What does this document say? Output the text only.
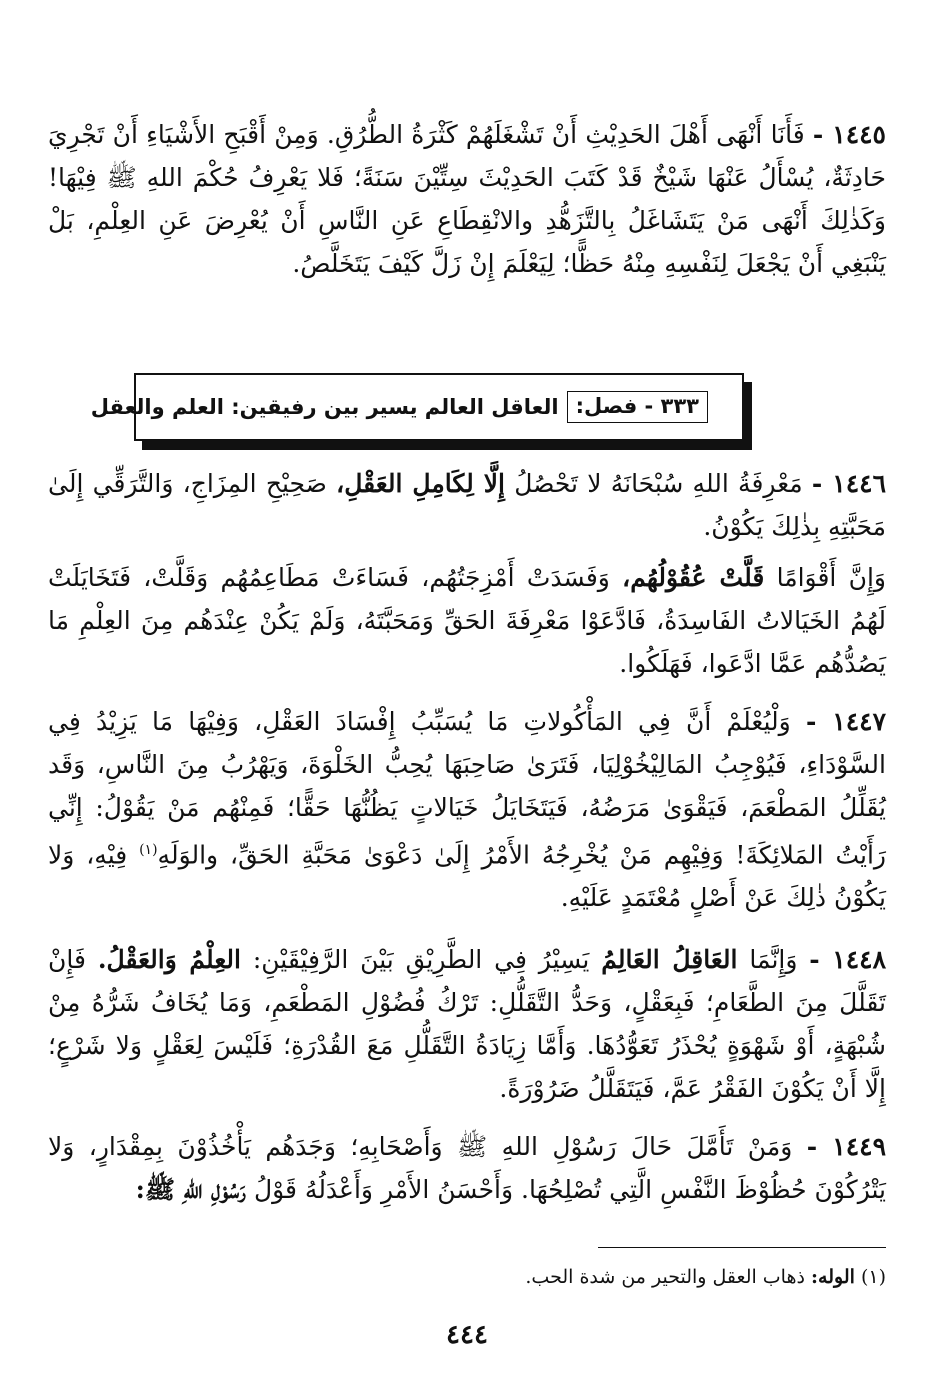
١٤٤٥ - فَأَنَا أَنْهَى أَهْلَ الحَدِيْثِ أَنْ تَشْغَلَهُمْ كَثْرَةُ الطُّرُقِ. وَمِنْ أَقْبَحِ الأَشْيَاءِ أَنْ تَجْرِيَ حَادِثَةٌ، يُسْأَلُ عَنْهَا شَيْخٌ قَدْ كَتَبَ الحَدِيْثَ سِتِّيْنَ سَنَةً؛ فَلا يَعْرِفُ حُكْمَ اللهِ ﷺ فِيْهَا! وَكَذٰلِكَ أَنْهَى مَنْ يَتَشَاغَلُ بِالتَّزَهُّدِ والانْقِطَاعِ عَنِ النَّاسِ أَنْ يُعْرِضَ عَنِ العِلْمِ، بَلْ يَنْبَغِي أَنْ يَجْعَلَ لِنَفْسِهِ مِنْهُ حَظًّا؛ لِيَعْلَمَ إِنْ زَلَّ كَيْفَ يَتَخَلَّصُ.
٣٣٣ - فصل:
العاقل العالم يسير بين رفيقين: العلم والعقل
١٤٤٦ - مَعْرِفَةُ اللهِ سُبْحَانَهُ لا تَحْصُلُ إِلَّا لِكَامِلِ العَقْلِ، صَحِيْحِ المِزَاجِ، وَالتَّرَقِّي إِلَىٰ مَحَبَّتِهِ بِذٰلِكَ يَكُوْنُ.
وَإِنَّ أَقْوَامًا قَلَّتْ عُقُوْلُهُم، وَفَسَدَتْ أَمْزِجَتُهُم، فَسَاءَتْ مَطَاعِمُهُم وَقَلَّتْ، فَتَخَايَلَتْ لَهُمُ الخَيَالاتُ الفَاسِدَةُ، فَادَّعَوْا مَعْرِفَةَ الحَقِّ وَمَحَبَّتَهُ، وَلَمْ يَكُنْ عِنْدَهُم مِنَ العِلْمِ مَا يَصُدُّهُم عَمَّا ادَّعَوا، فَهَلَكُوا.
١٤٤٧ - وَلْيُعْلَمْ أَنَّ فِي المَأْكُولاتِ مَا يُسَبِّبُ إِفْسَادَ العَقْلِ، وَفِيْهَا مَا يَزِيْدُ فِي السَّوْدَاءِ، فَيُوْجِبُ المَالِيْخُوْلِيَا، فَتَرَىٰ صَاحِبَهَا يُحِبُّ الخَلْوَةَ، وَيَهْرُبُ مِنَ النَّاسِ، وَقَد يُقَلِّلُ المَطْعَمَ، فَيَقْوَىٰ مَرَضُهُ، فَيَتَخَايَلُ خَيَالاتٍ يَظُنُّهَا حَقًّا؛ فَمِنْهُم مَنْ يَقُوْلُ: إِنِّي رَأَيْتُ المَلائِكَةَ! وَفِيْهِم مَنْ يُخْرِجُهُ الأَمْرُ إِلَىٰ دَعْوَىٰ مَحَبَّةِ الحَقِّ، والوَلَهِ$^{(١)}$ فِيْهِ، وَلا يَكُوْنُ ذٰلِكَ عَنْ أَصْلٍ مُعْتَمَدٍ عَلَيْهِ.
١٤٤٨ - وَإِنَّمَا العَاقِلُ العَالِمُ يَسِيْرُ فِي الطَّرِيْقِ بَيْنَ الرَّفِيْقَيْنِ: العِلْمُ وَالعَقْلُ. فَإِنْ تَقَلَّلَ مِنَ الطَّعَامِ؛ فَبِعَقْلٍ، وَحَدُّ التَّقَلُّلِ: تَرْكُ فُضُوْلِ المَطْعَمِ، وَمَا يُخَافُ شَرُّهُ مِنْ شُبْهَةٍ، أَوْ شَهْوَةٍ يُحْذَرُ تَعَوُّدُهَا. وَأَمَّا زِيَادَةُ التَّقَلُّلِ مَعَ القُدْرَةِ؛ فَلَيْسَ لِعَقْلٍ وَلا شَرْعٍ؛ إِلَّا أَنْ يَكُوْنَ الفَقْرُ عَمَّ، فَيَتَقَلَّلُ ضَرُوْرَةً.
١٤٤٩ - وَمَنْ تَأَمَّلَ حَالَ رَسُوْلِ اللهِ ﷺ وَأَصْحَابِهِ؛ وَجَدَهُم يَأْخُذُوْنَ بِمِقْدَارٍ، وَلا يَتْرُكُوْنَ حُظُوْظَ النَّفْسِ الَّتِي تُصْلِحُهَا. وَأَحْسَنُ الأَمْرِ وَأَعْدَلُهُ قَوْلُ رَسُوْلِ اللهِ ﷺ:
(١) الوله: ذهاب العقل والتحير من شدة الحب.
٤٤٤
